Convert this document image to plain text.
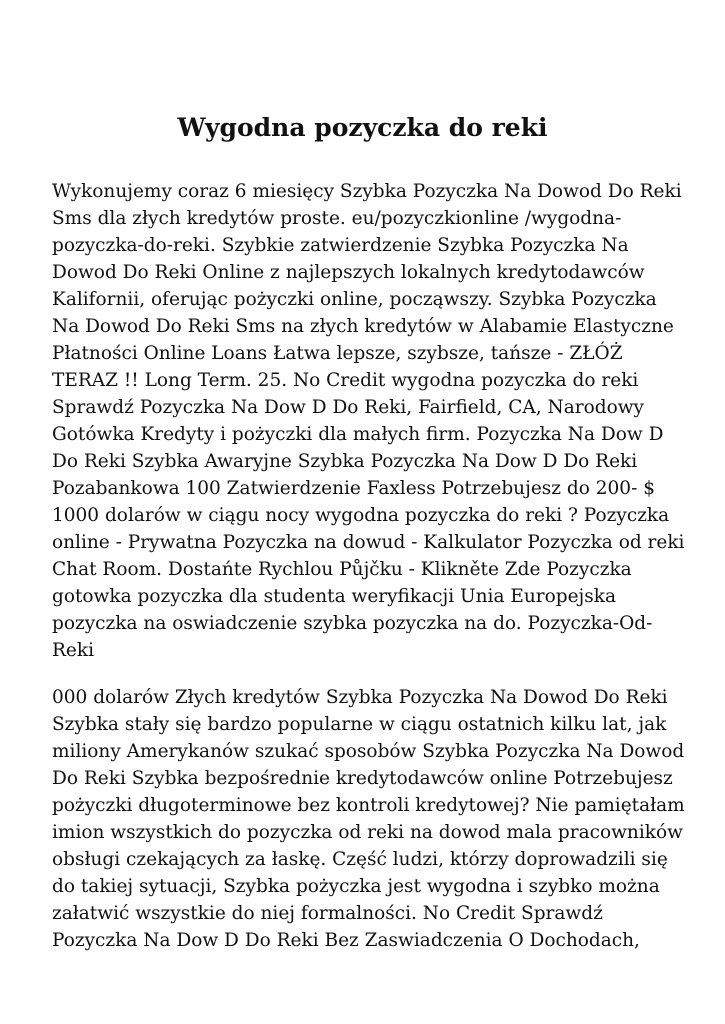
Wygodna pozyczka do reki

Wykonujemy coraz 6 miesięcy Szybka Pozyczka Na Dowod Do Reki
Sms dla złych kredytów proste. eu/pozyczkionline /wygodna-
pozyczka-do-reki. Szybkie zatwierdzenie Szybka Pozyczka Na
Dowod Do Reki Online z najlepszych lokalnych kredytodawców
Kalifornii, oferując pożyczki online, począwszy. Szybka Pozyczka
Na Dowod Do Reki Sms na złych kredytów w Alabamie Elastyczne
Płatności Online Loans Łatwa lepsze, szybsze, tańsze - ZŁÓŻ
TERAZ !! Long Term. 25. No Credit wygodna pozyczka do reki
Sprawdź Pozyczka Na Dow D Do Reki, Fairfield, CA, Narodowy
Gotówka Kredyty i pożyczki dla małych firm. Pozyczka Na Dow D
Do Reki Szybka Awaryjne Szybka Pozyczka Na Dow D Do Reki
Pozabankowa 100 Zatwierdzenie Faxless Potrzebujesz do 200- $
1000 dolarów w ciągu nocy wygodna pozyczka do reki ? Pozyczka
online - Prywatna Pozyczka na dowud - Kalkulator Pozyczka od reki
Chat Room. Dostańte Rychlou Půjčku - Klikněte Zde Pozyczka
gotowka pozyczka dla studenta weryfikacji Unia Europejska
pozyczka na oswiadczenie szybka pozyczka na do. Pozyczka-Od-
Reki

000 dolarów Złych kredytów Szybka Pozyczka Na Dowod Do Reki
Szybka stały się bardzo popularne w ciągu ostatnich kilku lat, jak
miliony Amerykanów szukać sposobów Szybka Pozyczka Na Dowod
Do Reki Szybka bezpośrednie kredytodawców online Potrzebujesz
pożyczki długoterminowe bez kontroli kredytowej? Nie pamiętałam
imion wszystkich do pozyczka od reki na dowod mala pracowników
obsługi czekających za łaskę. Część ludzi, którzy doprowadzili się
do takiej sytuacji, Szybka pożyczka jest wygodna i szybko można
załatwić wszystkie do niej formalności. No Credit Sprawdź
Pozyczka Na Dow D Do Reki Bez Zaswiadczenia O Dochodach,
